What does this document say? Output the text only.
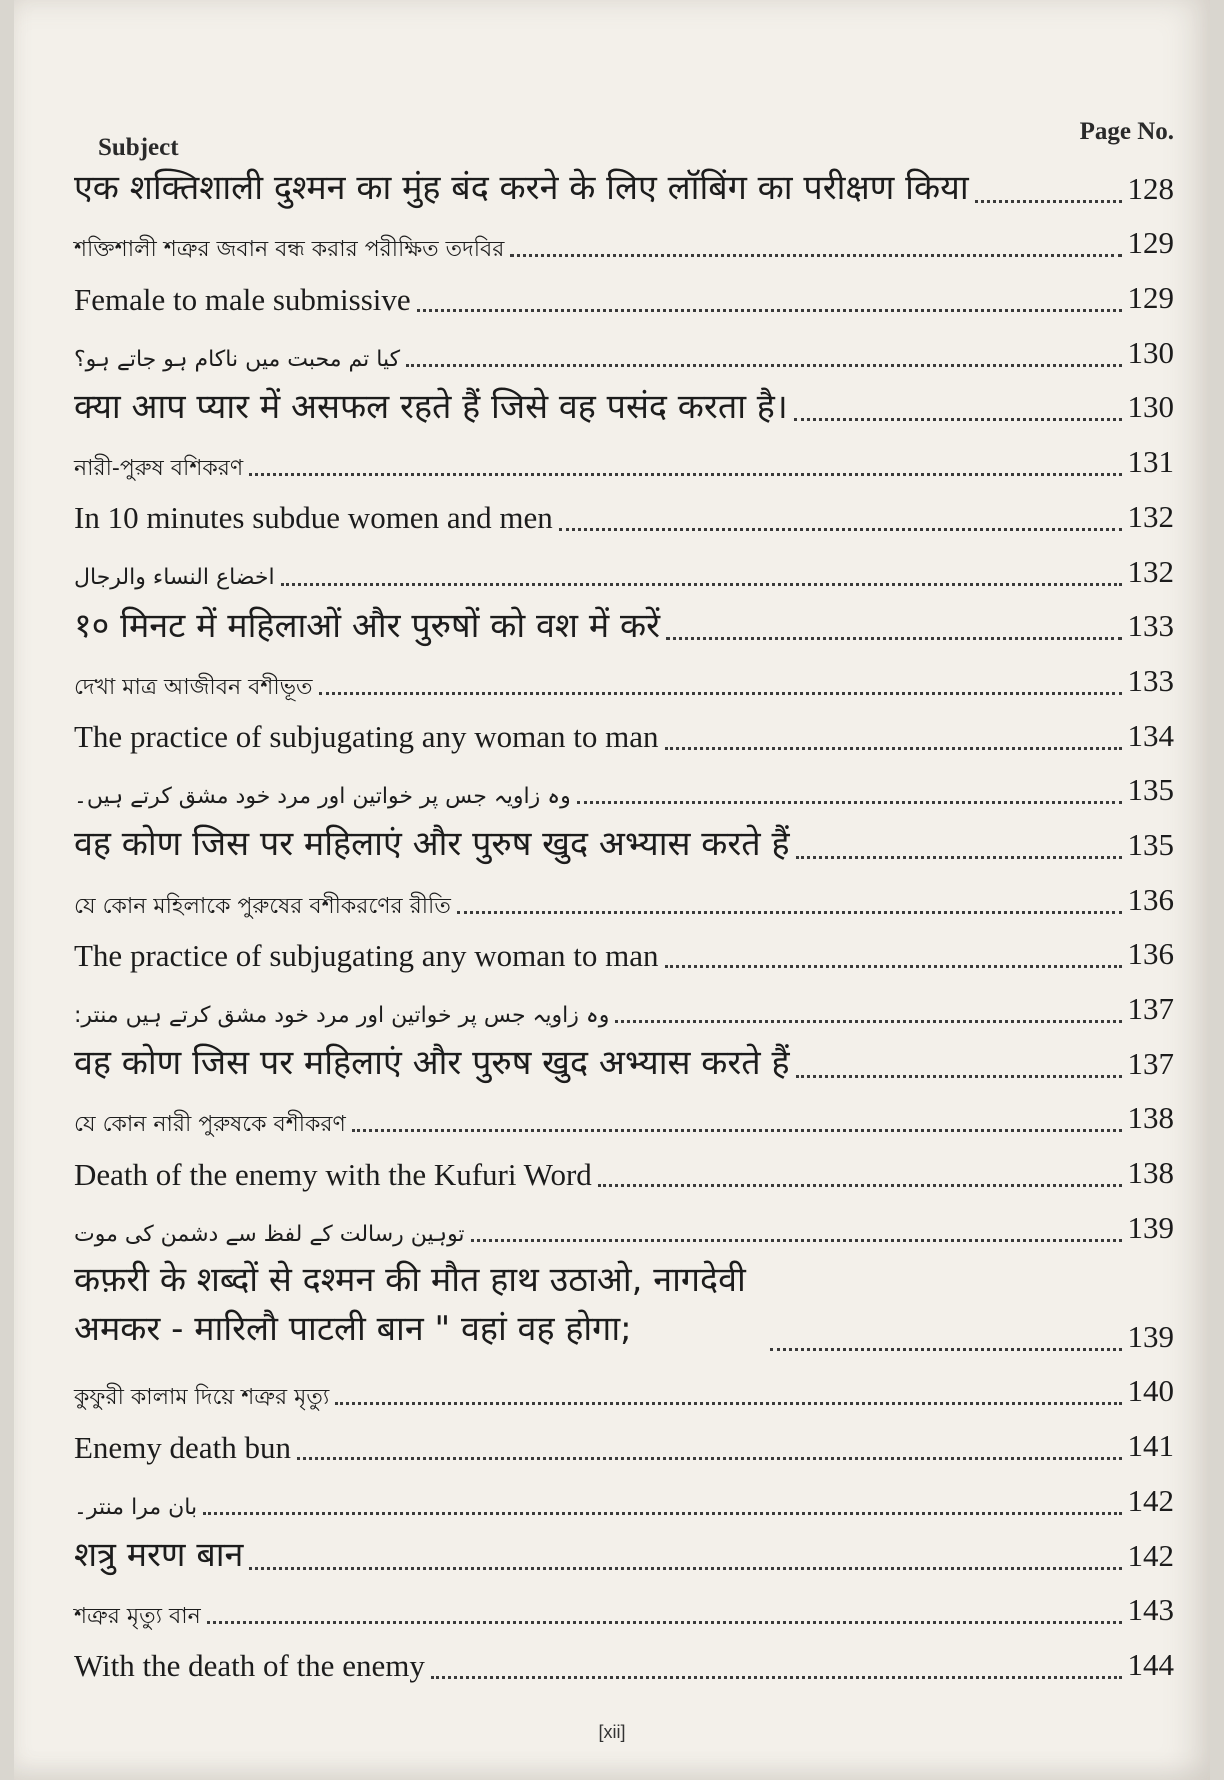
Subject
Page No.
एक शक्तिशाली दुश्मन का मुंह बंद करने के लिए लॉबिंग का परीक्षण किया	128
শক্তিশালী শত্রুর জবান বন্ধ করার পরীক্ষিত তদবির	129
Female to male submissive	129
کیا تم محبت میں ناکام ہو جاتے ہو؟	130
क्या आप प्यार में असफल रहते हैं जिसे वह पसंद करता है।	130
নারী-পুরুষ বশিকরণ	131
In 10 minutes subdue women and men	132
اخضاع النساء والرجال	132
१० मिनट में महिलाओं और पुरुषों को वश में करें	133
দেখা মাত্র আজীবন বশীভূত	133
The practice of subjugating any woman to man	134
وہ زاویہ جس پر خواتین اور مرد خود مشق کرتے ہیں۔	135
वह कोण जिस पर महिलाएं और पुरुष खुद अभ्यास करते हैं	135
যে কোন মহিলাকে পুরুষের বশীকরণের রীতি	136
The practice of subjugating any woman to man	136
وہ زاویہ جس پر خواتین اور مرد خود مشق کرتے ہیں منتر:	137
वह कोण जिस पर महिलाएं और पुरुष खुद अभ्यास करते हैं	137
যে কোন নারী পুরুষকে বশীকরণ	138
Death of the enemy with the Kufuri Word	138
توہین رسالت کے لفظ سے دشمن کی موت	139
कफ़री के शब्दों से दश्मन की मौत हाथ उठाओ, नागदेवी अमकर - मारिलौ पाटली बान " वहां वह होगा;	139
কুফুরী কালাম দিয়ে শত্রুর মৃত্যু	140
Enemy death bun	141
بان مرا منتر۔	142
शत्रु मरण बान	142
শত্রুর মৃত্যু বান	143
With the death of the enemy	144
[xii]
